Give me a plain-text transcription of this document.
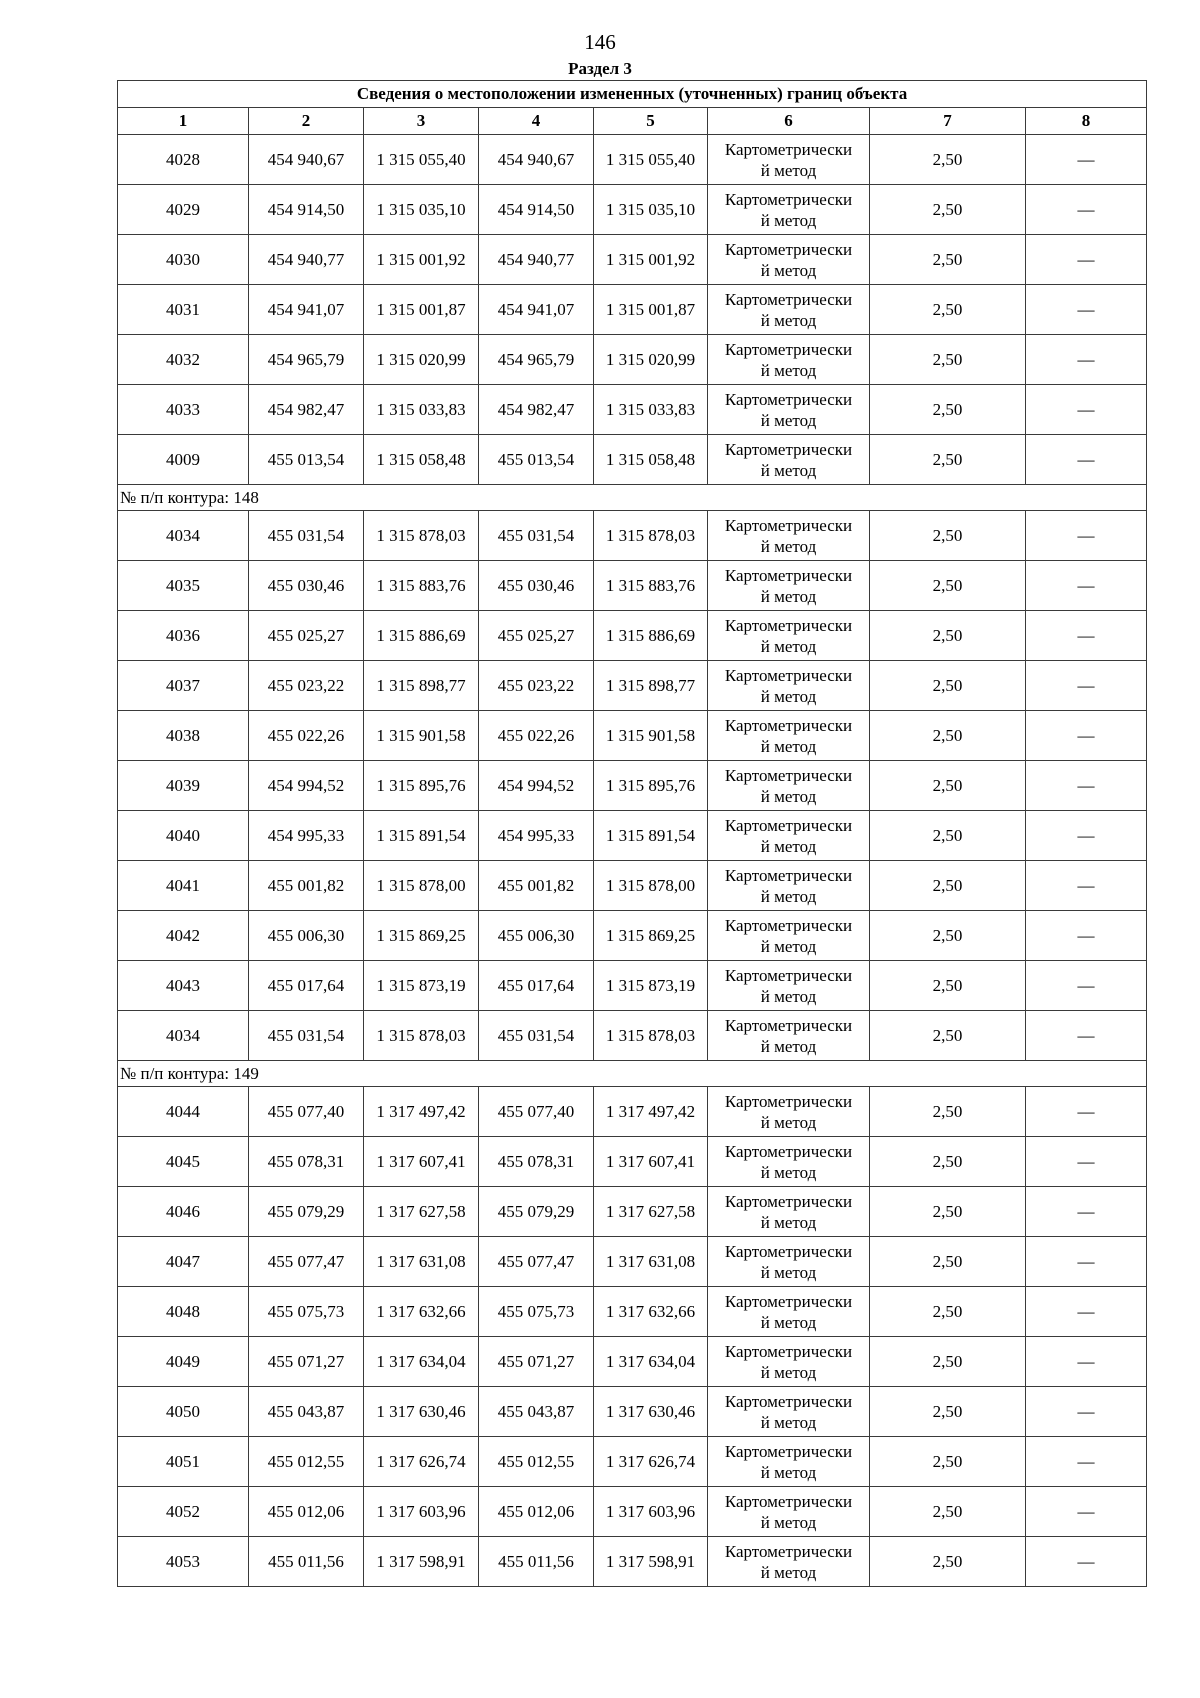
146
Раздел 3
Сведения о местоположении измененных (уточненных) границ объекта							
1	2	3	4	5	6	7	8
4028	454 940,67	1 315 055,40	454 940,67	1 315 055,40	Картометрически
й метод	2,50	—
4029	454 914,50	1 315 035,10	454 914,50	1 315 035,10	Картометрически
й метод	2,50	—
4030	454 940,77	1 315 001,92	454 940,77	1 315 001,92	Картометрически
й метод	2,50	—
4031	454 941,07	1 315 001,87	454 941,07	1 315 001,87	Картометрически
й метод	2,50	—
4032	454 965,79	1 315 020,99	454 965,79	1 315 020,99	Картометрически
й метод	2,50	—
4033	454 982,47	1 315 033,83	454 982,47	1 315 033,83	Картометрически
й метод	2,50	—
4009	455 013,54	1 315 058,48	455 013,54	1 315 058,48	Картометрически
й метод	2,50	—
№ п/п контура: 148							
4034	455 031,54	1 315 878,03	455 031,54	1 315 878,03	Картометрически
й метод	2,50	—
4035	455 030,46	1 315 883,76	455 030,46	1 315 883,76	Картометрически
й метод	2,50	—
4036	455 025,27	1 315 886,69	455 025,27	1 315 886,69	Картометрически
й метод	2,50	—
4037	455 023,22	1 315 898,77	455 023,22	1 315 898,77	Картометрически
й метод	2,50	—
4038	455 022,26	1 315 901,58	455 022,26	1 315 901,58	Картометрически
й метод	2,50	—
4039	454 994,52	1 315 895,76	454 994,52	1 315 895,76	Картометрически
й метод	2,50	—
4040	454 995,33	1 315 891,54	454 995,33	1 315 891,54	Картометрически
й метод	2,50	—
4041	455 001,82	1 315 878,00	455 001,82	1 315 878,00	Картометрически
й метод	2,50	—
4042	455 006,30	1 315 869,25	455 006,30	1 315 869,25	Картометрически
й метод	2,50	—
4043	455 017,64	1 315 873,19	455 017,64	1 315 873,19	Картометрически
й метод	2,50	—
4034	455 031,54	1 315 878,03	455 031,54	1 315 878,03	Картометрически
й метод	2,50	—
№ п/п контура: 149							
4044	455 077,40	1 317 497,42	455 077,40	1 317 497,42	Картометрически
й метод	2,50	—
4045	455 078,31	1 317 607,41	455 078,31	1 317 607,41	Картометрически
й метод	2,50	—
4046	455 079,29	1 317 627,58	455 079,29	1 317 627,58	Картометрически
й метод	2,50	—
4047	455 077,47	1 317 631,08	455 077,47	1 317 631,08	Картометрически
й метод	2,50	—
4048	455 075,73	1 317 632,66	455 075,73	1 317 632,66	Картометрически
й метод	2,50	—
4049	455 071,27	1 317 634,04	455 071,27	1 317 634,04	Картометрически
й метод	2,50	—
4050	455 043,87	1 317 630,46	455 043,87	1 317 630,46	Картометрически
й метод	2,50	—
4051	455 012,55	1 317 626,74	455 012,55	1 317 626,74	Картометрически
й метод	2,50	—
4052	455 012,06	1 317 603,96	455 012,06	1 317 603,96	Картометрически
й метод	2,50	—
4053	455 011,56	1 317 598,91	455 011,56	1 317 598,91	Картометрически
й метод	2,50	—
